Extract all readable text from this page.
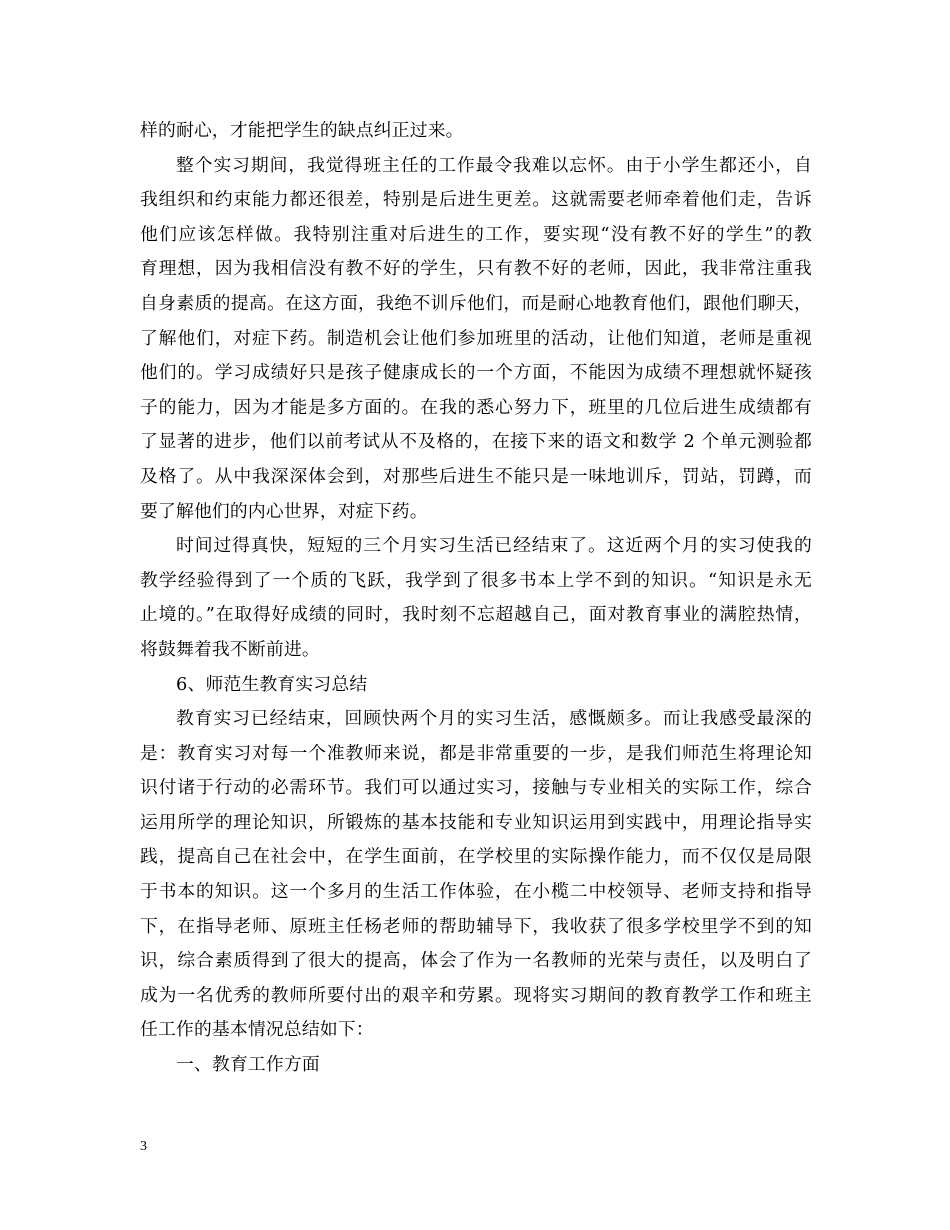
样的耐心，才能把学生的缺点纠正过来。
整个实习期间，我觉得班主任的工作最令我难以忘怀。由于小学生都还小，自
我组织和约束能力都还很差，特别是后进生更差。这就需要老师牵着他们走，告诉
他们应该怎样做。我特别注重对后进生的工作，要实现“没有教不好的学生”的教
育理想，因为我相信没有教不好的学生，只有教不好的老师，因此，我非常注重我
自身素质的提高。在这方面，我绝不训斥他们，而是耐心地教育他们，跟他们聊天，
了解他们，对症下药。制造机会让他们参加班里的活动，让他们知道，老师是重视
他们的。学习成绩好只是孩子健康成长的一个方面，不能因为成绩不理想就怀疑孩
子的能力，因为才能是多方面的。在我的悉心努力下，班里的几位后进生成绩都有
了显著的进步，他们以前考试从不及格的，在接下来的语文和数学 2 个单元测验都
及格了。从中我深深体会到，对那些后进生不能只是一味地训斥，罚站，罚蹲，而
要了解他们的内心世界，对症下药。
时间过得真快，短短的三个月实习生活已经结束了。这近两个月的实习使我的
教学经验得到了一个质的飞跃，我学到了很多书本上学不到的知识。“知识是永无
止境的。”在取得好成绩的同时，我时刻不忘超越自己，面对教育事业的满腔热情，
将鼓舞着我不断前进。
6、师范生教育实习总结
教育实习已经结束，回顾快两个月的实习生活，感慨颇多。而让我感受最深的
是：教育实习对每一个准教师来说，都是非常重要的一步，是我们师范生将理论知
识付诸于行动的必需环节。我们可以通过实习，接触与专业相关的实际工作，综合
运用所学的理论知识，所锻炼的基本技能和专业知识运用到实践中，用理论指导实
践，提高自己在社会中，在学生面前，在学校里的实际操作能力，而不仅仅是局限
于书本的知识。这一个多月的生活工作体验，在小榄二中校领导、老师支持和指导
下，在指导老师、原班主任杨老师的帮助辅导下，我收获了很多学校里学不到的知
识，综合素质得到了很大的提高，体会了作为一名教师的光荣与责任，以及明白了
成为一名优秀的教师所要付出的艰辛和劳累。现将实习期间的教育教学工作和班主
任工作的基本情况总结如下：
一、教育工作方面
3
